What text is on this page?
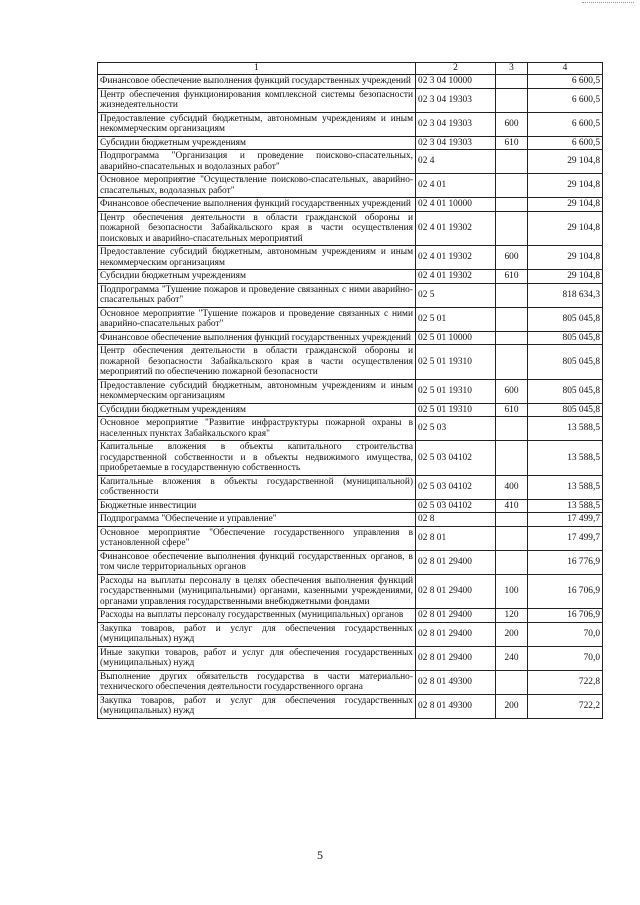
1	2	3	4
Финансовое обеспечение выполнения функций государственных учреждений	02 3 04 10000		6 600,5
Центр обеспечения функционирования комплексной системы безопасности жизнедеятельности	02 3 04 19303		6 600,5
Предоставление субсидий бюджетным, автономным учреждениям и иным некоммерческим организациям	02 3 04 19303	600	6 600,5
Субсидии бюджетным учреждениям	02 3 04 19303	610	6 600,5
Подпрограмма "Организация и проведение поисково-спасательных, аварийно-спасательных и водолазных работ"	02 4		29 104,8
Основное мероприятие "Осуществление поисково-спасательных, аварийно-спасательных, водолазных работ"	02 4 01		29 104,8
Финансовое обеспечение выполнения функций государственных учреждений	02 4 01 10000		29 104,8
Центр обеспечения деятельности в области гражданской обороны и пожарной безопасности Забайкальского края в части осуществления поисковых и аварийно-спасательных мероприятий	02 4 01 19302		29 104,8
Предоставление субсидий бюджетным, автономным учреждениям и иным некоммерческим организациям	02 4 01 19302	600	29 104,8
Субсидии бюджетным учреждениям	02 4 01 19302	610	29 104,8
Подпрограмма "Тушение пожаров и проведение связанных с ними аварийно-спасательных работ"	02 5		818 634,3
Основное мероприятие "Тушение пожаров и проведение связанных с ними аварийно-спасательных работ"	02 5 01		805 045,8
Финансовое обеспечение выполнения функций государственных учреждений	02 5 01 10000		805 045,8
Центр обеспечения деятельности в области гражданской обороны и пожарной безопасности Забайкальского края в части осуществления мероприятий по обеспечению пожарной безопасности	02 5 01 19310		805 045,8
Предоставление субсидий бюджетным, автономным учреждениям и иным некоммерческим организациям	02 5 01 19310	600	805 045,8
Субсидии бюджетным учреждениям	02 5 01 19310	610	805 045,8
Основное мероприятие "Развитие инфраструктуры пожарной охраны в населенных пунктах Забайкальского края"	02 5 03		13 588,5
Капитальные вложения в объекты капитального строительства государственной собственности и в объекты недвижимого имущества, приобретаемые в государственную собственность	02 5 03 04102		13 588,5
Капитальные вложения в объекты государственной (муниципальной) собственности	02 5 03 04102	400	13 588,5
Бюджетные инвестиции	02 5 03 04102	410	13 588,5
Подпрограмма "Обеспечение и управление"	02 8		17 499,7
Основное мероприятие "Обеспечение государственного управления в установленной сфере"	02 8 01		17 499,7
Финансовое обеспечение выполнения функций государственных органов, в том числе территориальных органов	02 8 01 29400		16 776,9
Расходы на выплаты персоналу в целях обеспечения выполнения функций государственными (муниципальными) органами, казенными учреждениями, органами управления государственными внебюджетными фондами	02 8 01 29400	100	16 706,9
Расходы на выплаты персоналу государственных (муниципальных) органов	02 8 01 29400	120	16 706,9
Закупка товаров, работ и услуг для обеспечения государственных (муниципальных) нужд	02 8 01 29400	200	70,0
Иные закупки товаров, работ и услуг для обеспечения государственных (муниципальных) нужд	02 8 01 29400	240	70,0
Выполнение других обязательств государства в части материально-технического обеспечения деятельности государственного органа	02 8 01 49300		722,8
Закупка товаров, работ и услуг для обеспечения государственных (муниципальных) нужд	02 8 01 49300	200	722,2
5
